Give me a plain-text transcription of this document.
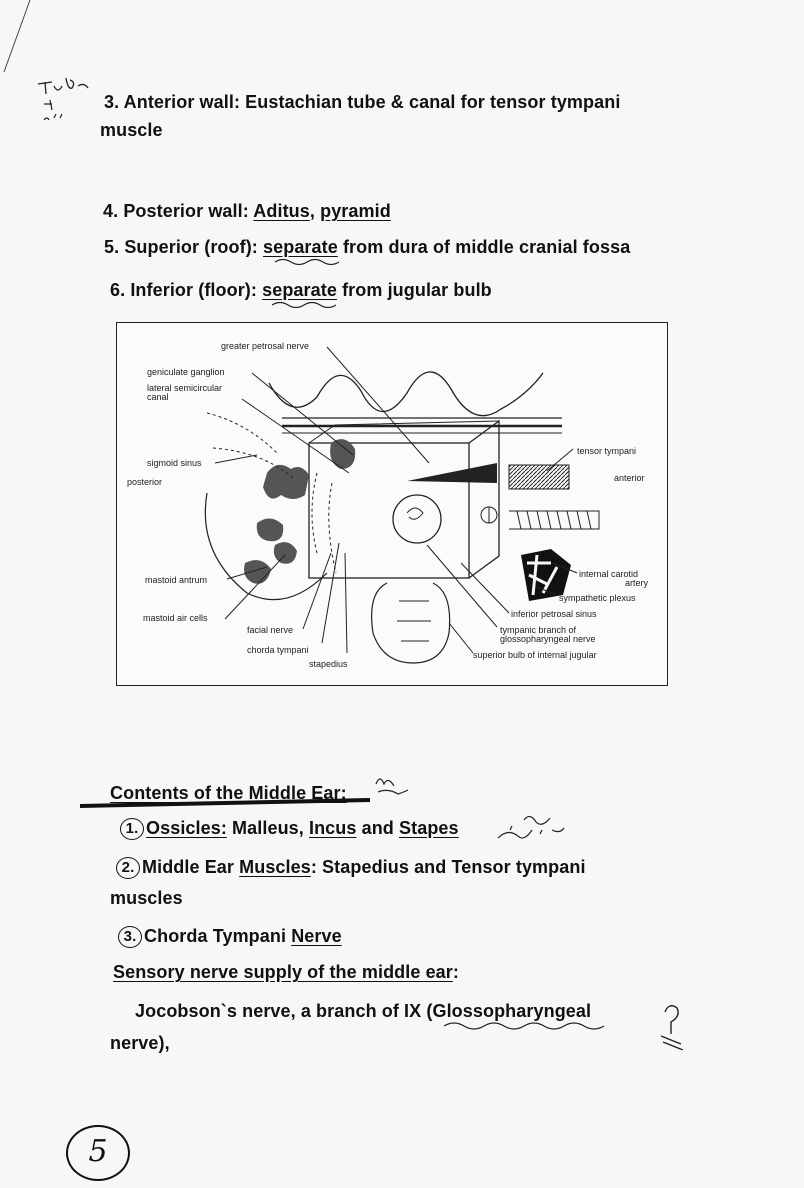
3. Anterior wall: Eustachian tube & canal for tensor tympani
muscle
4. Posterior wall: Aditus, pyramid
5. Superior (roof): separate from dura of middle cranial fossa
6. Inferior (floor): separate from jugular bulb
greater petrosal nerve
geniculate ganglion
lateral semicircular
canal
sigmoid sinus
posterior
mastoid antrum
mastoid air cells
facial nerve
chorda tympani
stapedius
tensor tympani
anterior
internal carotid
artery
sympathetic plexus
inferior petrosal sinus
tympanic branch of
glossopharyngeal nerve
superior bulb of internal jugular
Contents of the Middle Ear:
1. Ossicles: Malleus, Incus and Stapes
2. Middle Ear Muscles: Stapedius and Tensor tympani
muscles
3. Chorda Tympani Nerve
Sensory nerve supply of the middle ear:
Jocobson`s nerve, a branch of IX (Glossopharyngeal
nerve),
5
